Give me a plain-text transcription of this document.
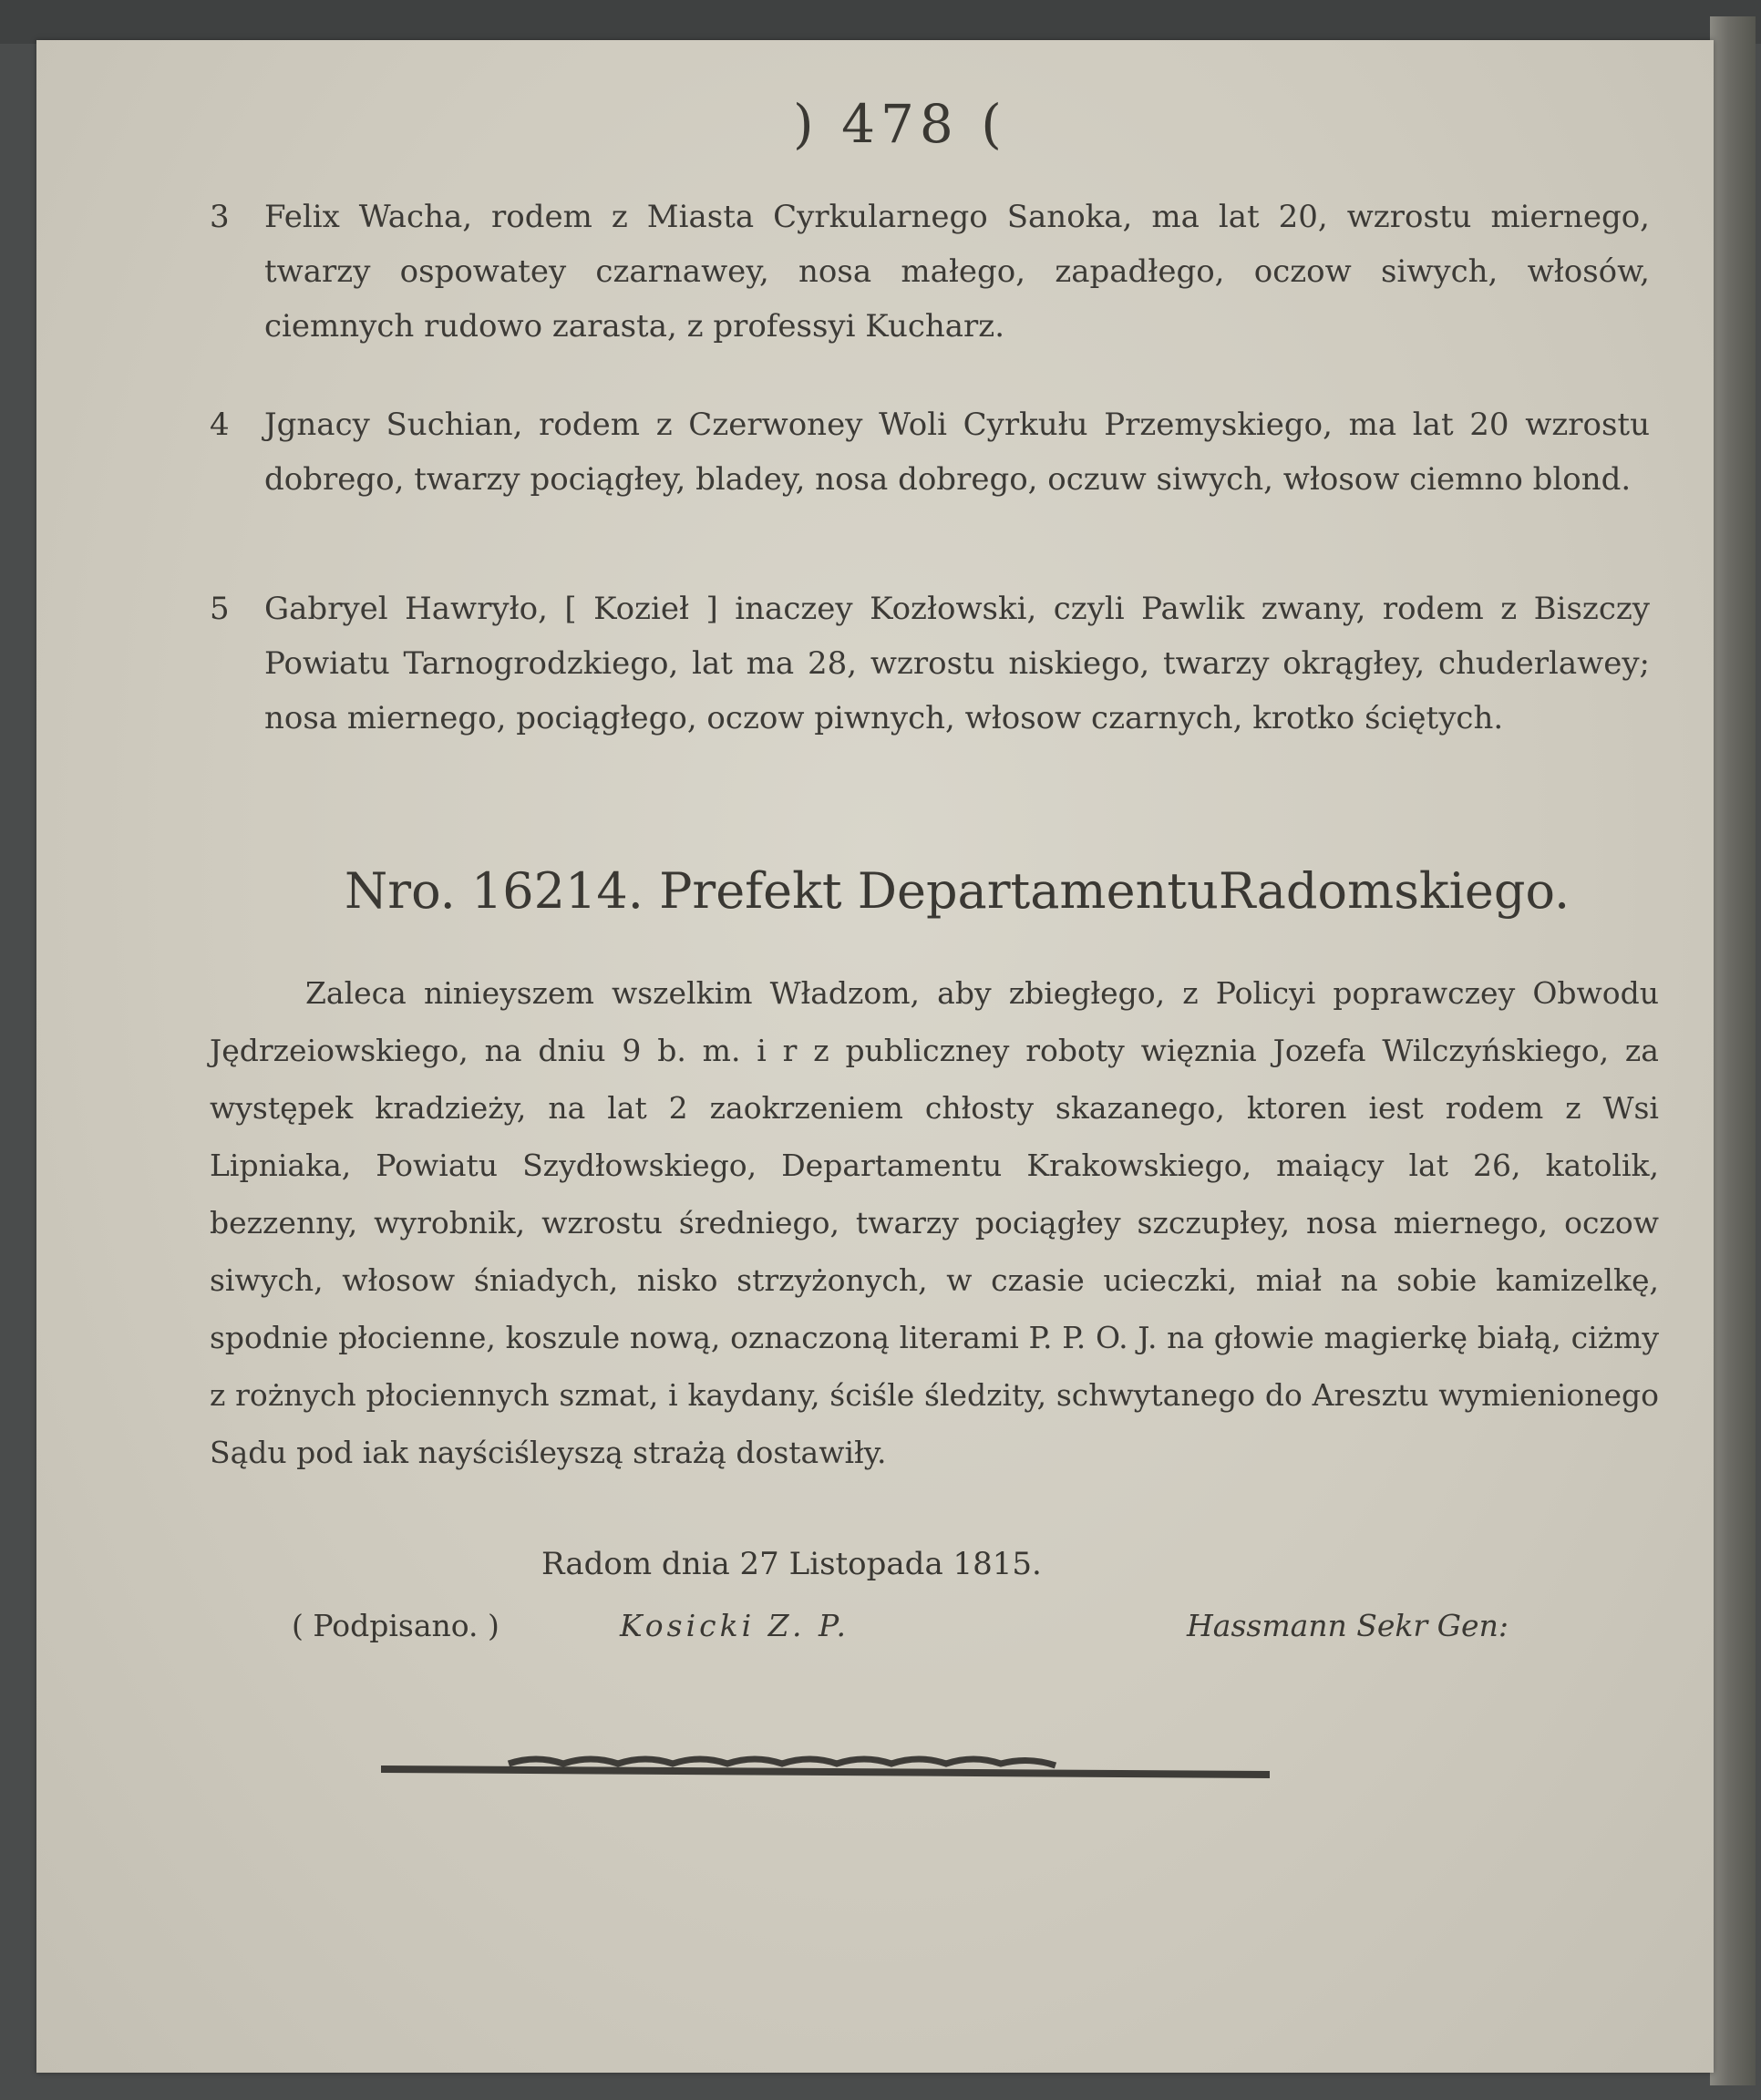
) 478 (
3 Felix Wacha, rodem z Miasta Cyrkularnego Sanoka, ma lat 20, wzrostu miernego, twarzy ospowatey czarnawey, nosa małego, zapadłego, oczow siwych, włosów, ciemnych rudowo zarasta, z professyi Kucharz.
4 Jgnacy Suchian, rodem z Czerwoney Woli Cyrkułu Przemyskiego, ma lat 20 wzrostu dobrego, twarzy pociągłey, bladey, nosa dobrego, oczuw siwych, włosow ciemno blond.
5 Gabryel Hawryło, [ Kozieł ] inaczey Kozłowski, czyli Pawlik zwany, rodem z Biszczy Powiatu Tarnogrodzkiego, lat ma 28, wzrostu niskiego, twarzy okrągłey, chuderlawey; nosa miernego, pociągłego, oczow piwnych, włosow czarnych, krotko ściętych.
Nro. 16214. Prefekt DepartamentuRadomskiego.
Zaleca ninieyszem wszelkim Władzom, aby zbiegłego, z Policyi poprawczey Obwodu Jędrzeiowskiego, na dniu 9 b. m. i r z publiczney roboty więznia Jozefa Wilczyńskiego, za występek kradzieży, na lat 2 zaokrzeniem chłosty skazanego, ktoren iest rodem z Wsi Lipniaka, Powiatu Szydłowskiego, Departamentu Krakowskiego, maiący lat 26, katolik, bezzenny, wyrobnik, wzrostu średniego, twarzy pociągłey szczupłey, nosa miernego, oczow siwych, włosow śniadych, nisko strzyżonych, w czasie ucieczki, miał na sobie kamizelkę, spodnie płocienne, koszule nową, oznaczoną literami P. P. O. J. na głowie magierkę białą, ciżmy z rożnych płociennych szmat, i kaydany, ściśle śledzity, schwytanego do Aresztu wymienionego Sądu pod iak nayściśleyszą strażą dostawiły.
Radom dnia 27 Listopada 1815.
( Podpisano. )	Kosicki Z. P.	Hassmann Sekr Gen:
